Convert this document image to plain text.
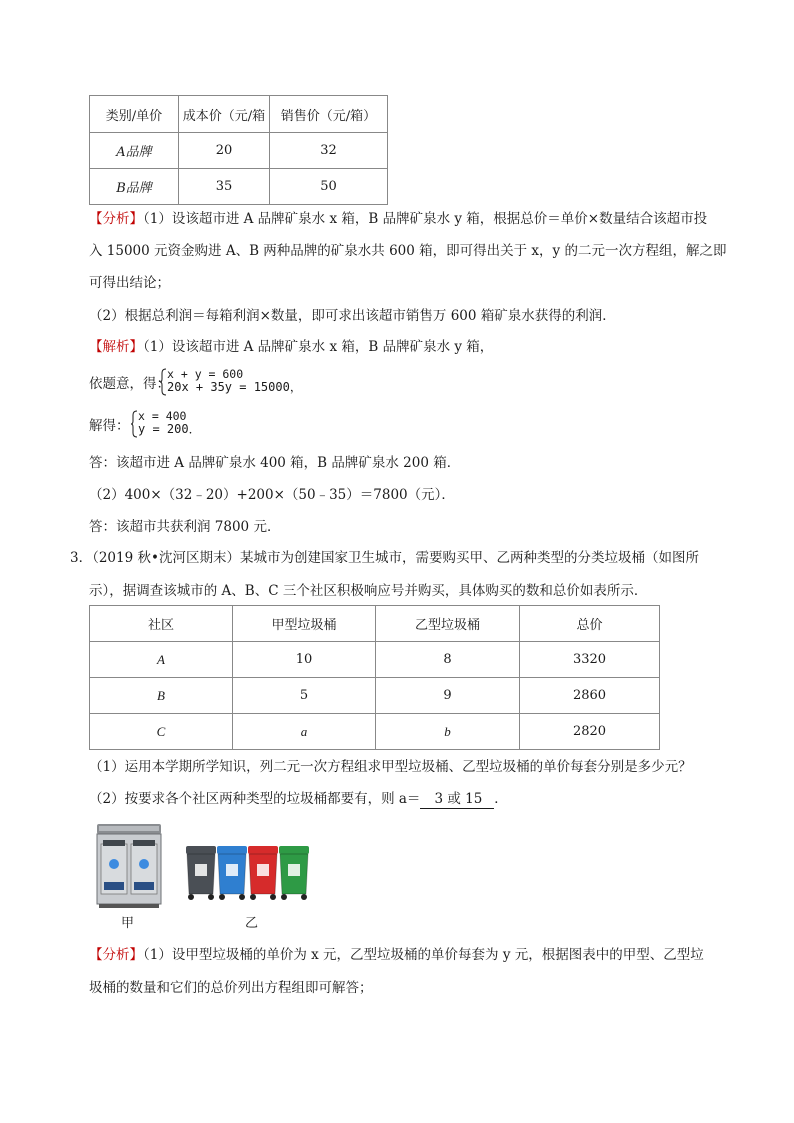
类别/单价	成本价（元/箱	销售价（元/箱）
A品牌	20	32
B品牌	35	50
【分析】（1）设该超市进 A 品牌矿泉水 x 箱，B 品牌矿泉水 y 箱，根据总价＝单价×数量结合该超市投
入 15000 元资金购进 A、B 两种品牌的矿泉水共 600 箱，即可得出关于 x，y 的二元一次方程组，解之即
可得出结论；
（2）根据总利润＝每箱利润×数量，即可求出该超市销售万 600 箱矿泉水获得的利润．
【解析】（1）设该超市进 A 品牌矿泉水 x 箱，B 品牌矿泉水 y 箱，
依题意，得：
x + y = 600
20x + 35y = 15000，
解得：
x = 400
y = 200．
答：该超市进 A 品牌矿泉水 400 箱，B 品牌矿泉水 200 箱．
（2）400×（32﹣20）+200×（50﹣35）＝7800（元）．
答：该超市共获利润 7800 元．
3．（2019 秋•沈河区期末）某城市为创建国家卫生城市，需要购买甲、乙两种类型的分类垃圾桶（如图所
示），据调查该城市的 A、B、C 三个社区积极响应号并购买，具体购买的数和总价如表所示．
社区	甲型垃圾桶	乙型垃圾桶	总价
A	10	8	3320
B	5	9	2860
C	a	b	2820
（1）运用本学期所学知识，列二元一次方程组求甲型垃圾桶、乙型垃圾桶的单价每套分别是多少元？
（2）按要求各个社区两种类型的垃圾桶都要有，则 a＝ 3 或 15 ．
甲	乙
【分析】（1）设甲型垃圾桶的单价为 x 元，乙型垃圾桶的单价每套为 y 元，根据图表中的甲型、乙型垃
圾桶的数量和它们的总价列出方程组即可解答；
